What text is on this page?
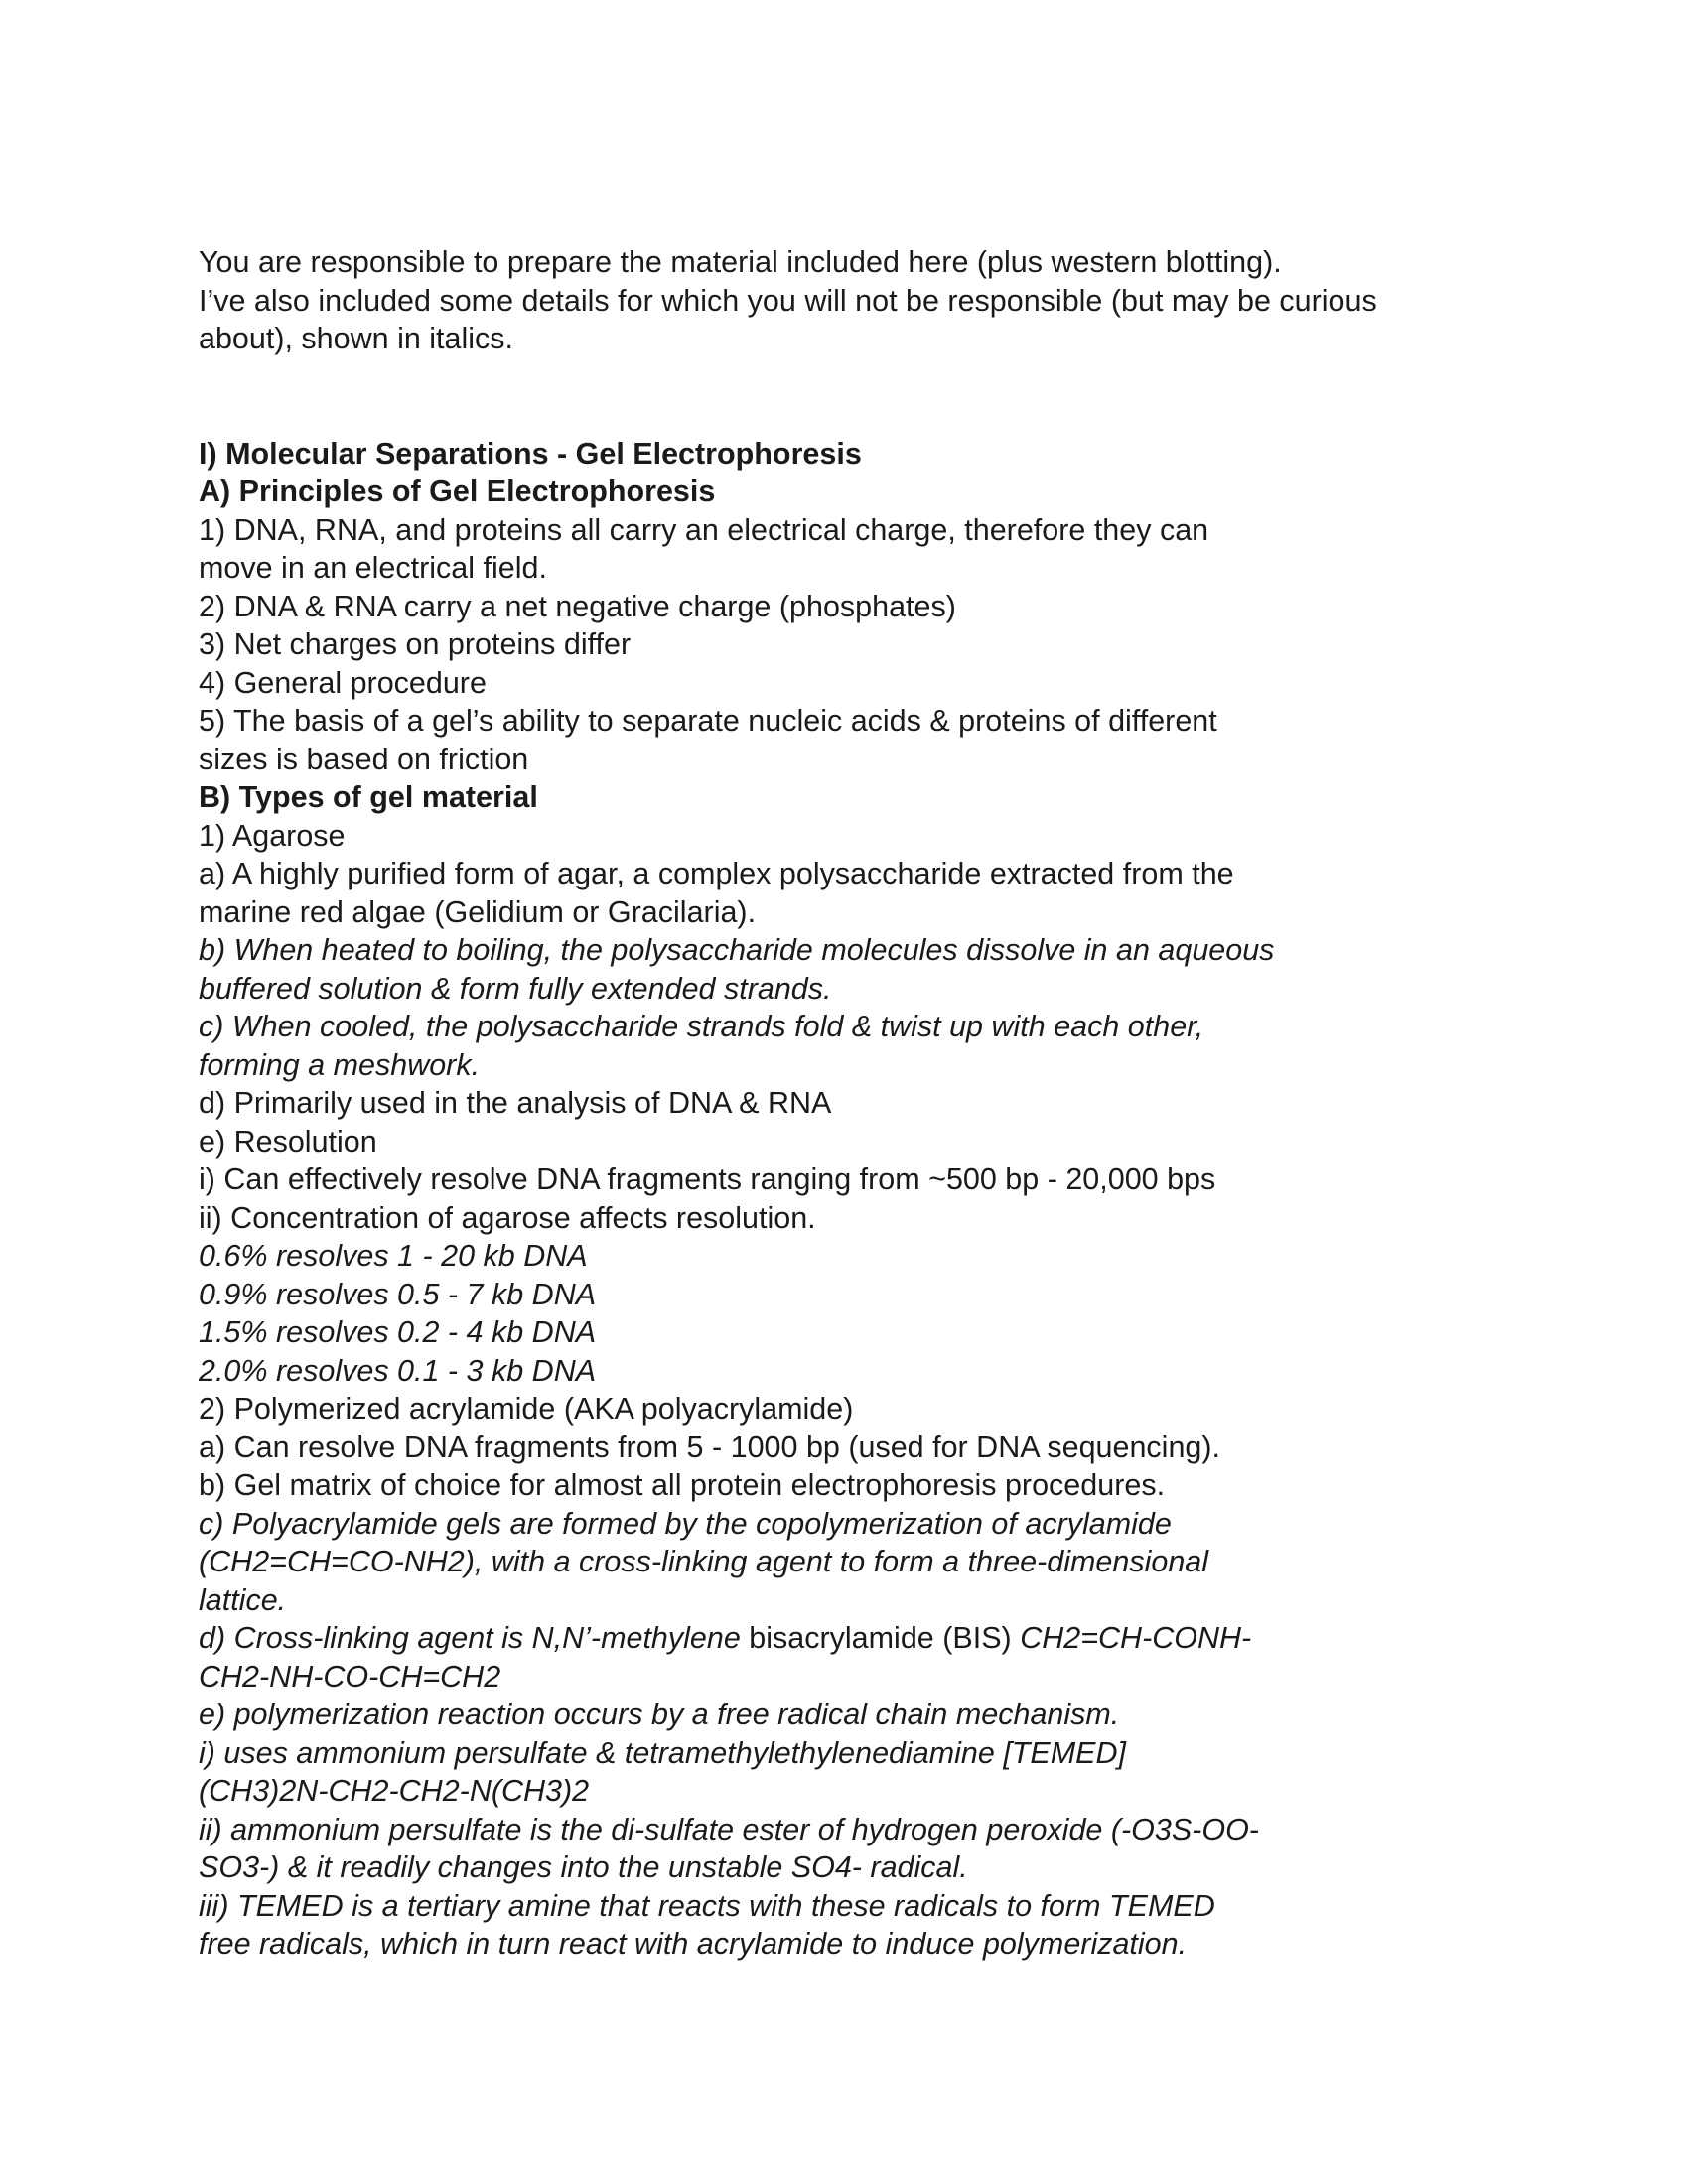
You are responsible to prepare the material included here (plus western blotting).
I’ve also included some details for which you will not be responsible (but may be curious
about), shown in italics.
I) Molecular Separations - Gel Electrophoresis
A) Principles of Gel Electrophoresis
1) DNA, RNA, and proteins all carry an electrical charge, therefore they can
move in an electrical field.
2) DNA & RNA carry a net negative charge (phosphates)
3) Net charges on proteins differ
4) General procedure
5) The basis of a gel’s ability to separate nucleic acids & proteins of different
sizes is based on friction
B) Types of gel material
1) Agarose
a) A highly purified form of agar, a complex polysaccharide extracted from the
marine red algae (Gelidium or Gracilaria).
b) When heated to boiling, the polysaccharide molecules dissolve in an aqueous
buffered solution & form fully extended strands.
c) When cooled, the polysaccharide strands fold & twist up with each other,
forming a meshwork.
d) Primarily used in the analysis of DNA & RNA
e) Resolution
i) Can effectively resolve DNA fragments ranging from ~500 bp - 20,000 bps
ii) Concentration of agarose affects resolution.
0.6% resolves 1 - 20 kb DNA
0.9% resolves 0.5 - 7 kb DNA
1.5% resolves 0.2 - 4 kb DNA
2.0% resolves 0.1 - 3 kb DNA
2) Polymerized acrylamide (AKA polyacrylamide)
a) Can resolve DNA fragments from 5 - 1000 bp (used for DNA sequencing).
b) Gel matrix of choice for almost all protein electrophoresis procedures.
c) Polyacrylamide gels are formed by the copolymerization of acrylamide
(CH2=CH=CO-NH2), with a cross-linking agent to form a three-dimensional
lattice.
d) Cross-linking agent is N,N’-methylene bisacrylamide (BIS) CH2=CH-CONH-
CH2-NH-CO-CH=CH2
e) polymerization reaction occurs by a free radical chain mechanism.
i) uses ammonium persulfate & tetramethylethylenediamine [TEMED]
(CH3)2N-CH2-CH2-N(CH3)2
ii) ammonium persulfate is the di-sulfate ester of hydrogen peroxide (-O3S-OO-
SO3-) & it readily changes into the unstable SO4- radical.
iii) TEMED is a tertiary amine that reacts with these radicals to form TEMED
free radicals, which in turn react with acrylamide to induce polymerization.
